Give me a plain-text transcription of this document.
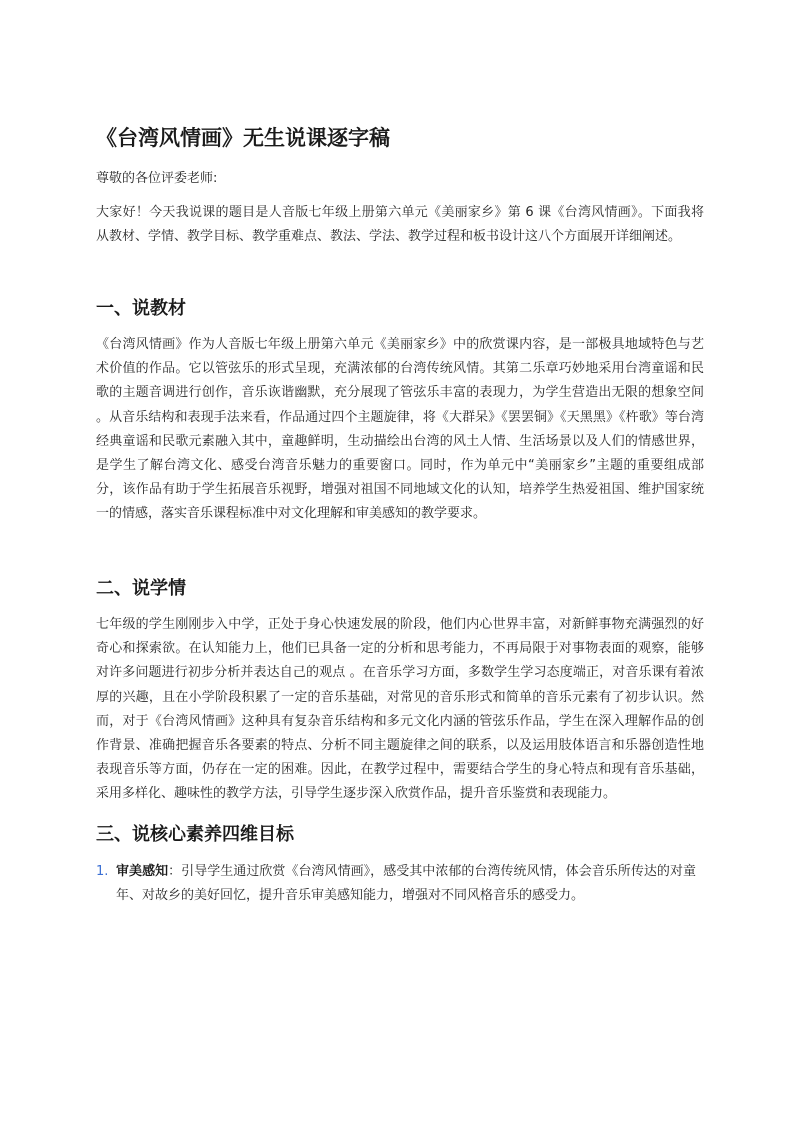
《台湾风情画》无生说课逐字稿

尊敬的各位评委老师:

大家好！今天我说课的题目是人音版七年级上册第六单元《美丽家乡》第 6 课《台湾风情画》。下面我将从教材、学情、教学目标、教学重难点、教法、学法、教学过程和板书设计这八个方面展开详细阐述。

一、说教材

《台湾风情画》作为人音版七年级上册第六单元《美丽家乡》中的欣赏课内容，是一部极具地域特色与艺术价值的作品。它以管弦乐的形式呈现，充满浓郁的台湾传统风情。其第二乐章巧妙地采用台湾童谣和民歌的主题音调进行创作，音乐诙谐幽默，充分展现了管弦乐丰富的表现力，为学生营造出无限的想象空间 。从音乐结构和表现手法来看，作品通过四个主题旋律，将《大群呆》《罢罢铜》《天黑黑》《杵歌》等台湾经典童谣和民歌元素融入其中，童趣鲜明，生动描绘出台湾的风土人情、生活场景以及人们的情感世界，是学生了解台湾文化、感受台湾音乐魅力的重要窗口。同时，作为单元中“美丽家乡”主题的重要组成部分，该作品有助于学生拓展音乐视野，增强对祖国不同地域文化的认知，培养学生热爱祖国、维护国家统一的情感，落实音乐课程标准中对文化理解和审美感知的教学要求。

二、说学情

七年级的学生刚刚步入中学，正处于身心快速发展的阶段，他们内心世界丰富，对新鲜事物充满强烈的好奇心和探索欲。在认知能力上，他们已具备一定的分析和思考能力，不再局限于对事物表面的观察，能够对许多问题进行初步分析并表达自己的观点 。在音乐学习方面，多数学生学习态度端正，对音乐课有着浓厚的兴趣，且在小学阶段积累了一定的音乐基础，对常见的音乐形式和简单的音乐元素有了初步认识。然而，对于《台湾风情画》这种具有复杂音乐结构和多元文化内涵的管弦乐作品，学生在深入理解作品的创作背景、准确把握音乐各要素的特点、分析不同主题旋律之间的联系，以及运用肢体语言和乐器创造性地表现音乐等方面，仍存在一定的困难。因此，在教学过程中，需要结合学生的身心特点和现有音乐基础，采用多样化、趣味性的教学方法，引导学生逐步深入欣赏作品，提升音乐鉴赏和表现能力。

三、说核心素养四维目标
1. 审美感知：引导学生通过欣赏《台湾风情画》，感受其中浓郁的台湾传统风情，体会音乐所传达的对童年、对故乡的美好回忆，提升音乐审美感知能力，增强对不同风格音乐的感受力。
